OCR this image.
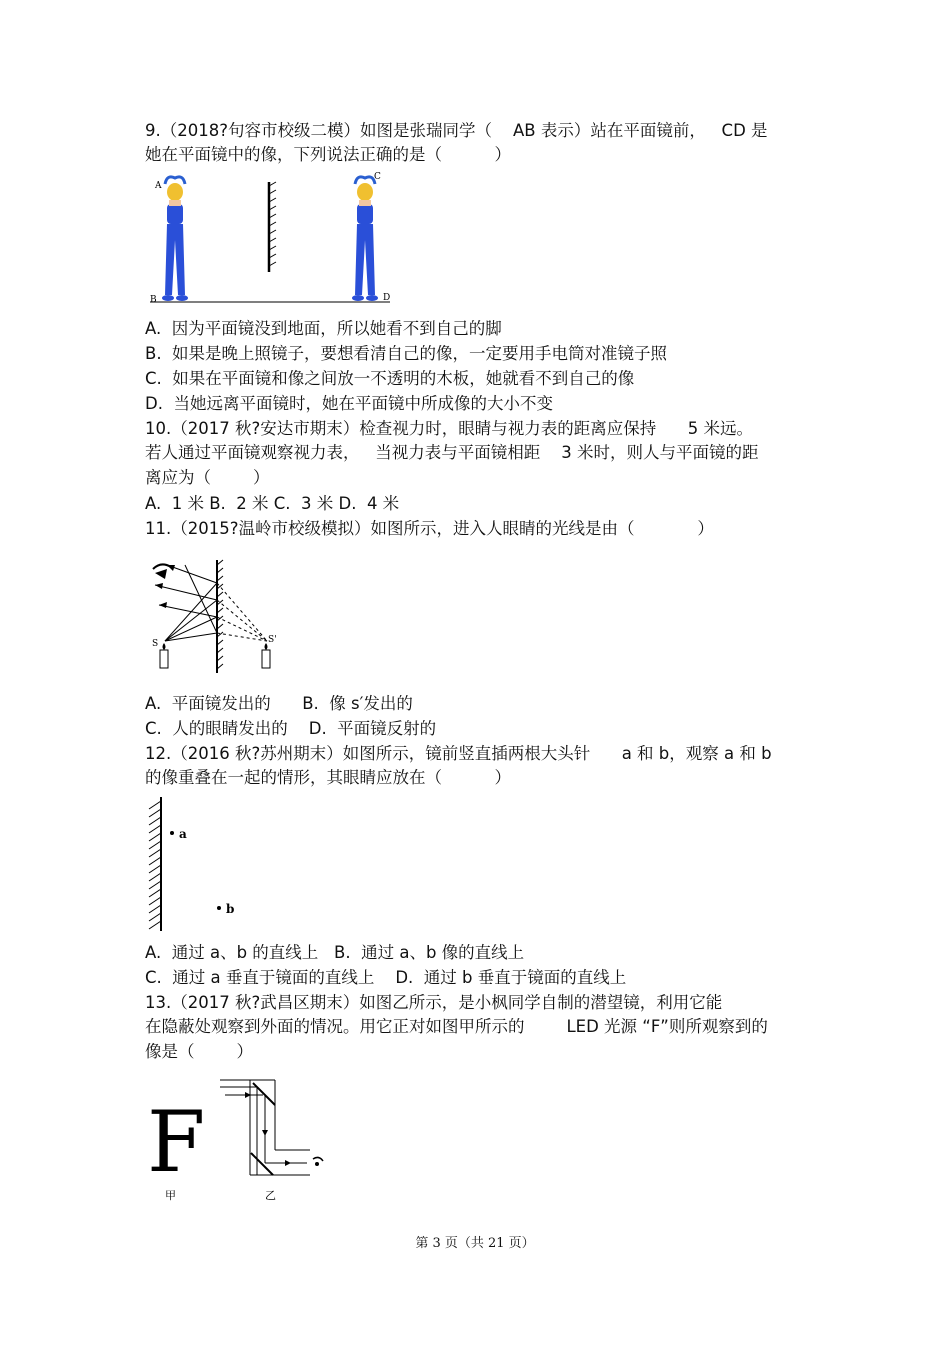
9.（2018?句容市校级二模）如图是张瑞同学（    AB 表示）站在平面镜前，   CD 是
她在平面镜中的像，下列说法正确的是（          ）
A
B
C
D
A.  因为平面镜没到地面，所以她看不到自己的脚
B.  如果是晚上照镜子，要想看清自己的像，一定要用手电筒对准镜子照
C.  如果在平面镜和像之间放一不透明的木板，她就看不到自己的像
D.  当她远离平面镜时，她在平面镜中所成像的大小不变
10.（2017 秋?安达市期末）检查视力时，眼睛与视力表的距离应保持      5 米远。
若人通过平面镜观察视力表，   当视力表与平面镜相距    3 米时，则人与平面镜的距
离应为（        ）
A.  1 米 B.  2 米 C.  3 米 D.  4 米
11.（2015?温岭市校级模拟）如图所示，进入人眼睛的光线是由（            ）
S	S'
A.  平面镜发出的      B.  像 s′发出的
C.  人的眼睛发出的    D.  平面镜反射的
12.（2016 秋?苏州期末）如图所示，镜前竖直插两根大头针      a 和 b，观察 a 和 b
的像重叠在一起的情形，其眼睛应放在（          ）
a
b
A.  通过 a、b 的直线上   B.  通过 a、b 像的直线上
C.  通过 a 垂直于镜面的直线上    D.  通过 b 垂直于镜面的直线上
13.（2017 秋?武昌区期末）如图乙所示，是小枫同学自制的潜望镜，利用它能
在隐蔽处观察到外面的情况。用它正对如图甲所示的        LED 光源 “F”则所观察到的
像是（        ）
F
甲	乙
第 3 页（共 21 页）
